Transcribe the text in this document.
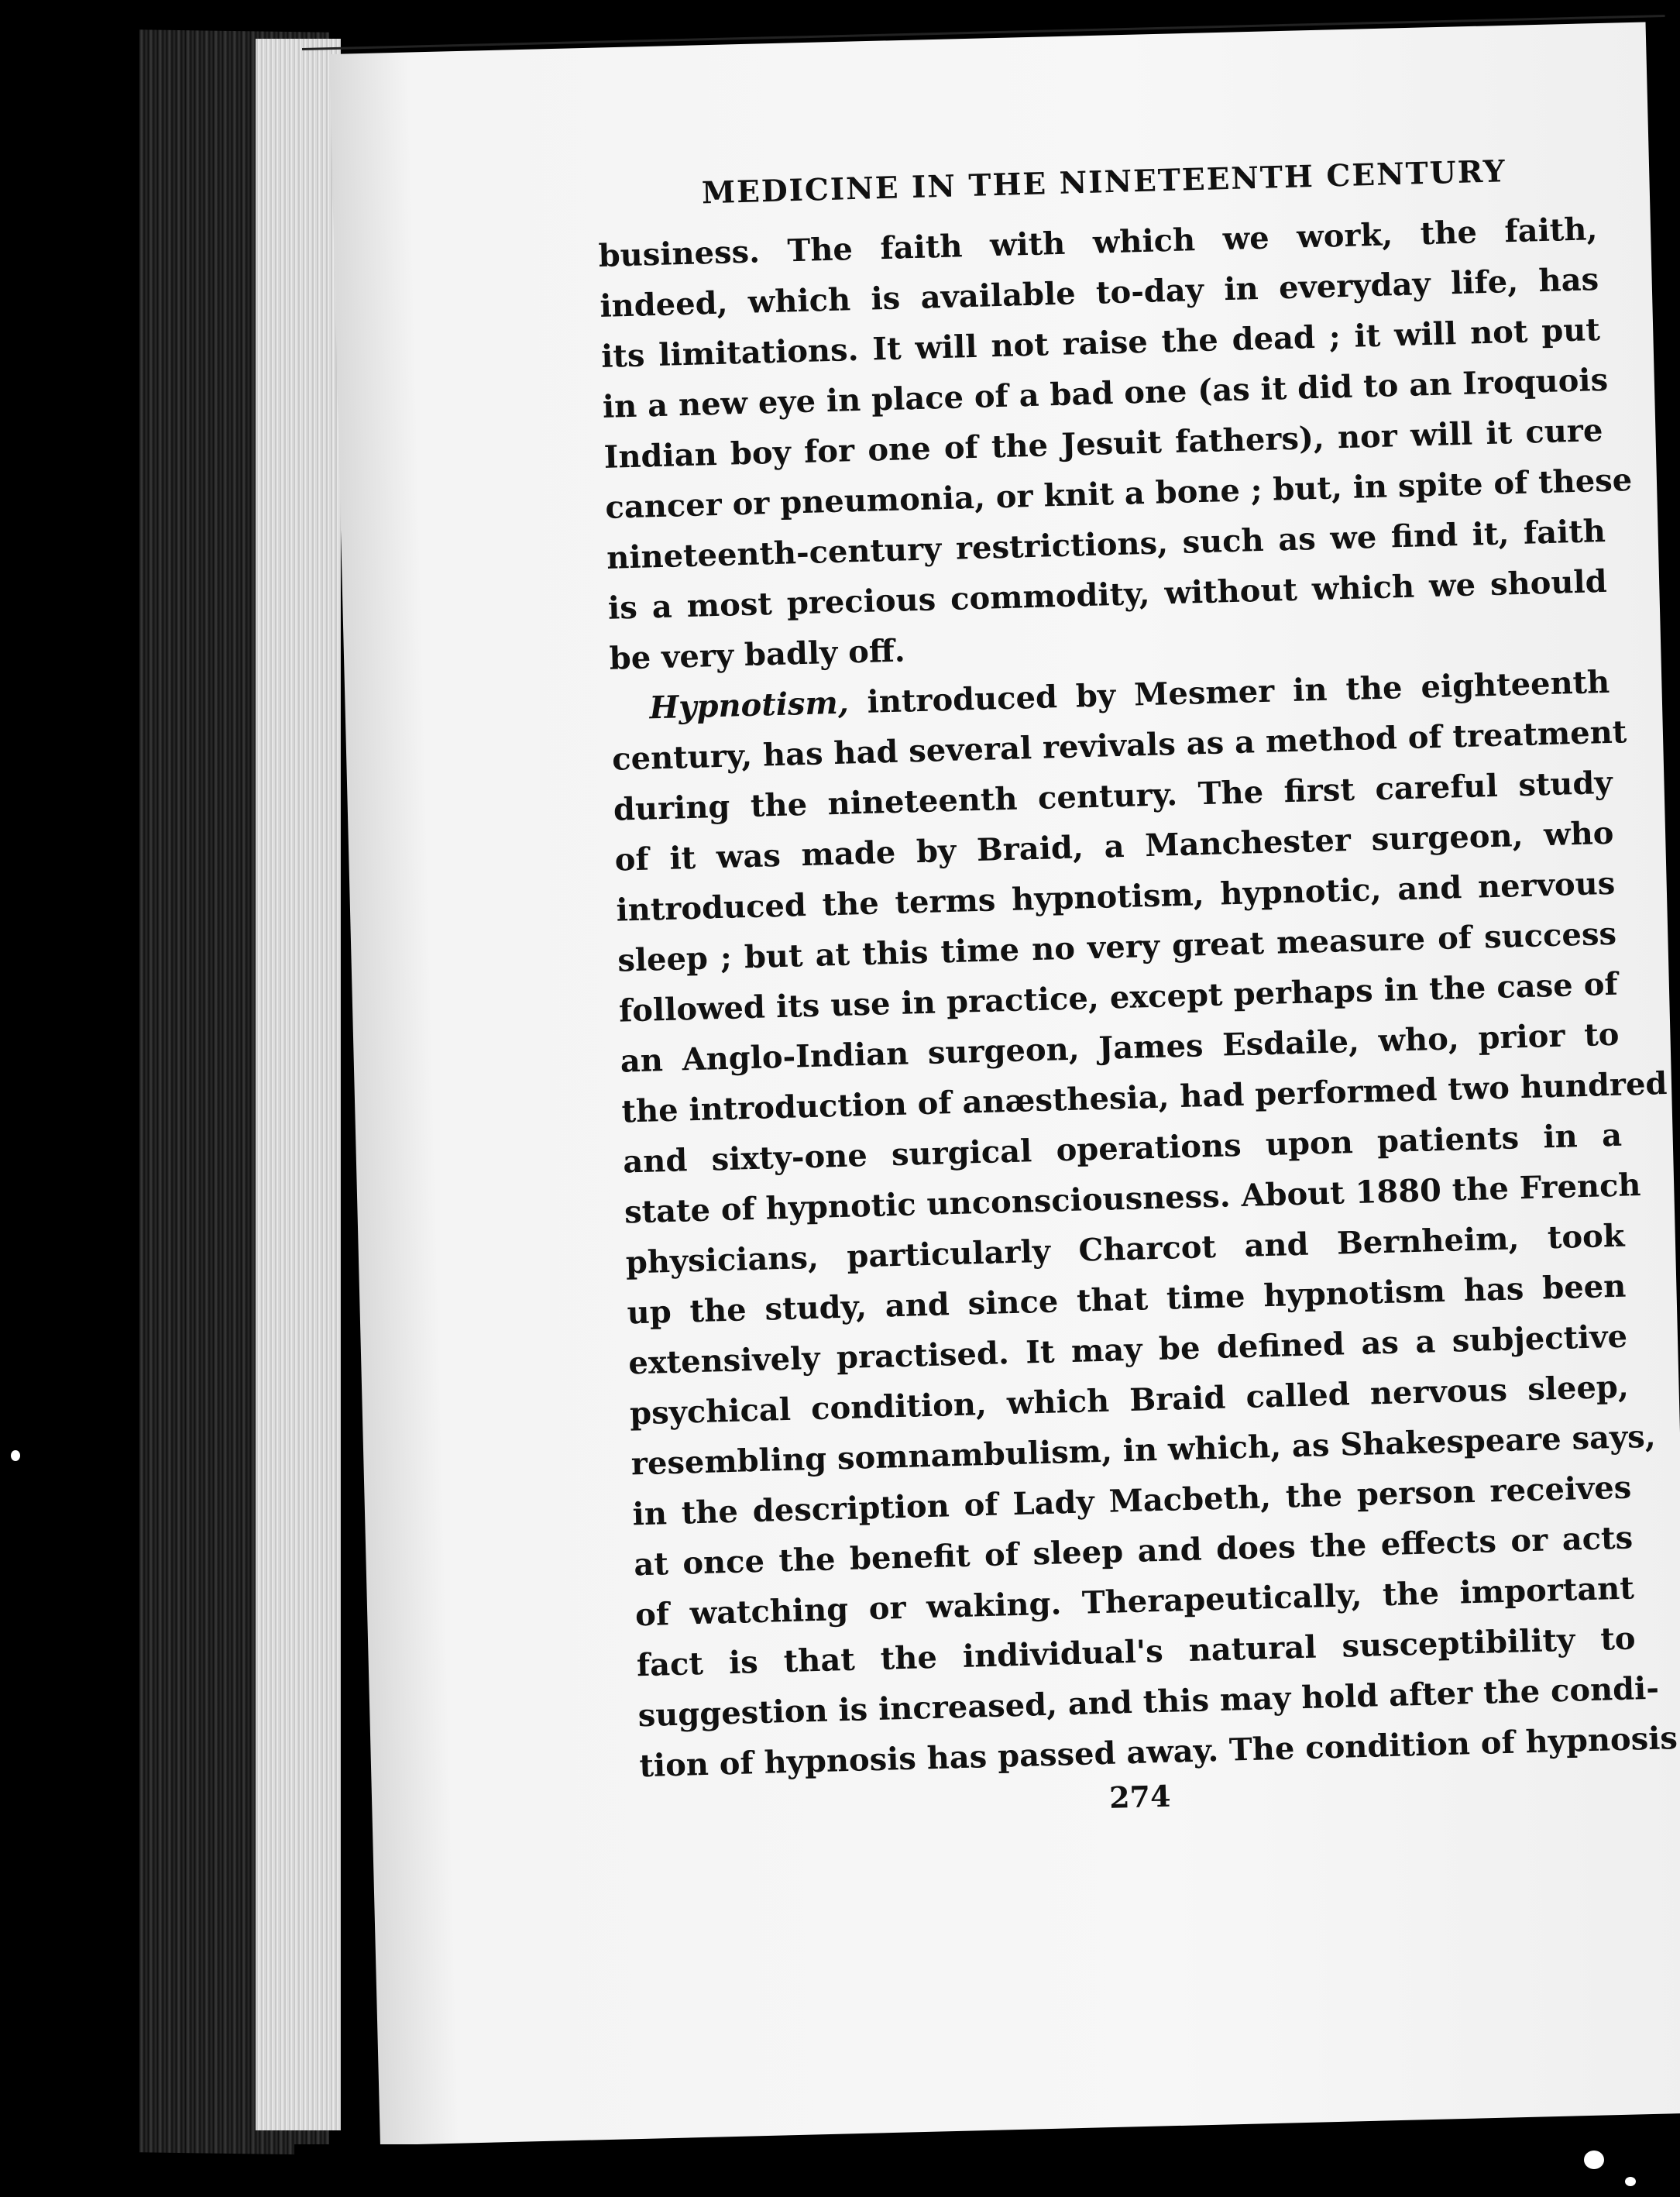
MEDICINE IN THE NINETEENTH CENTURY
business. The faith with which we work, the faith,
indeed, which is available to-day in everyday life, has
its limitations. It will not raise the dead ; it will not put
in a new eye in place of a bad one (as it did to an Iroquois
Indian boy for one of the Jesuit fathers), nor will it cure
cancer or pneumonia, or knit a bone ; but, in spite of these
nineteenth-century restrictions, such as we find it, faith
is a most precious commodity, without which we should
be very badly off.
Hypnotism, introduced by Mesmer in the eighteenth
century, has had several revivals as a method of treatment
during the nineteenth century. The first careful study
of it was made by Braid, a Manchester surgeon, who
introduced the terms hypnotism, hypnotic, and nervous
sleep ; but at this time no very great measure of success
followed its use in practice, except perhaps in the case of
an Anglo-Indian surgeon, James Esdaile, who, prior to
the introduction of anæsthesia, had performed two hundred
and sixty-one surgical operations upon patients in a
state of hypnotic unconsciousness. About 1880 the French
physicians, particularly Charcot and Bernheim, took
up the study, and since that time hypnotism has been
extensively practised. It may be defined as a subjective
psychical condition, which Braid called nervous sleep,
resembling somnambulism, in which, as Shakespeare says,
in the description of Lady Macbeth, the person receives
at once the benefit of sleep and does the effects or acts
of watching or waking. Therapeutically, the important
fact is that the individual's natural susceptibility to
suggestion is increased, and this may hold after the condi-
tion of hypnosis has passed away. The condition of hypnosis
274
